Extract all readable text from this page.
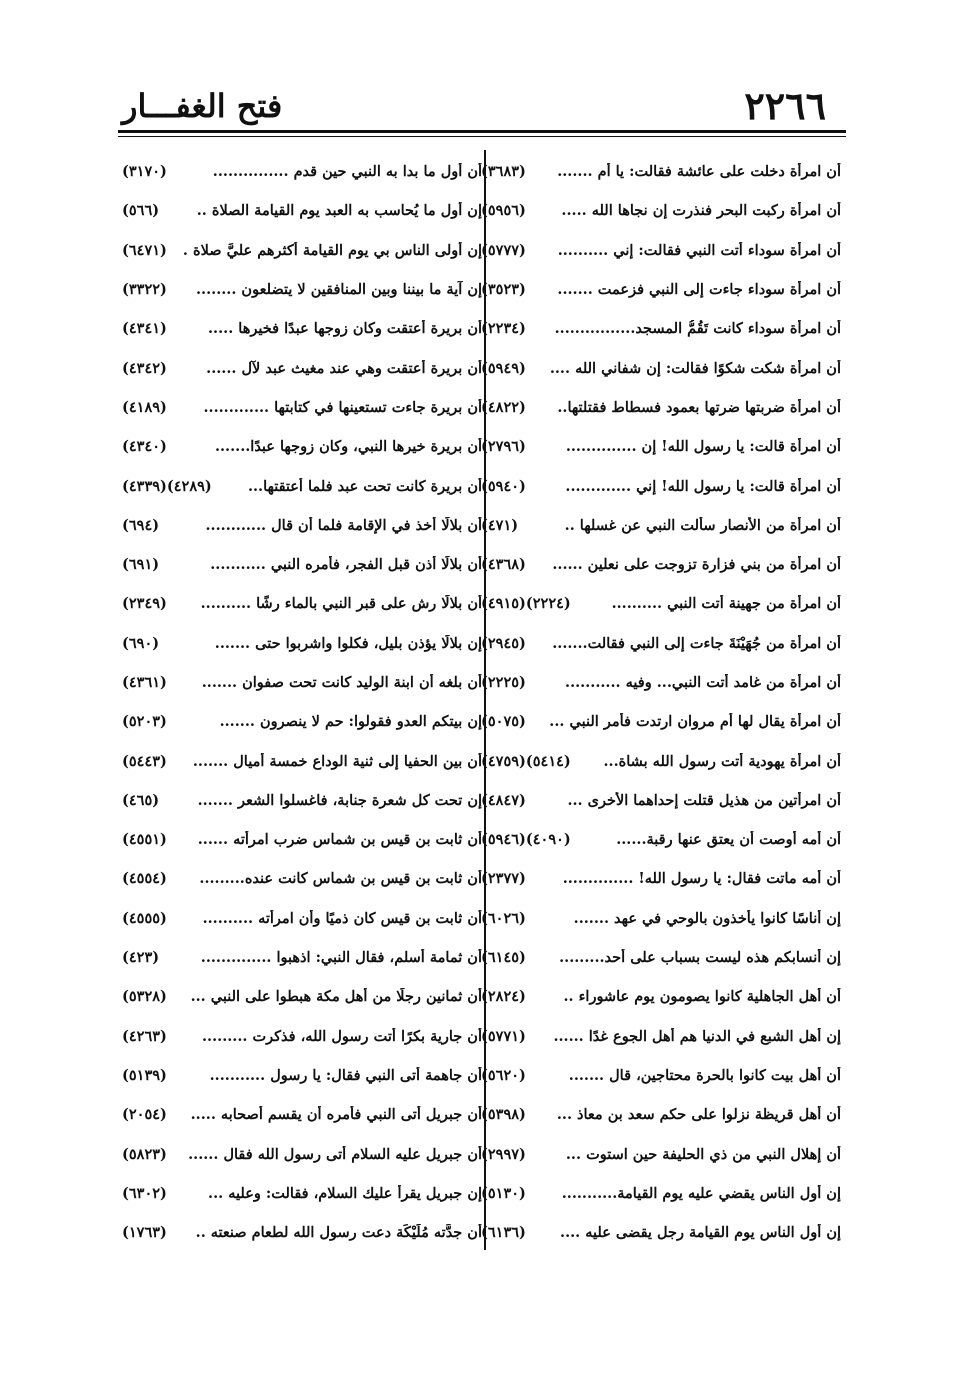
٢٢٦٦
فتح الغفـــار
أن امرأة دخلت على عائشة فقالت: يا أم .......
(٣٦٨٣)
أن امرأة ركبت البحر فنذرت إن نجاها الله .....
(٥٩٥٦)
أن امرأة سوداء أتت النبي فقالت: إني ..........
(٥٧٧٧)
أن امرأة سوداء جاءت إلى النبي فزعمت .......
(٣٥٢٣)
أن امرأة سوداء كانت تَقُمُّ المسجد................
(٢٢٣٤)
أن امرأة شكت شكوًا فقالت: إن شفاني الله ....
(٥٩٤٩)
أن امرأة ضربتها ضرتها بعمود فسطاط فقتلتها..
(٤٨٢٢)
أن امرأة قالت: يا رسول الله! إن ..............
(٢٧٩٦)
أن امرأة قالت: يا رسول الله! إني .............
(٥٩٤٠)
أن امرأة من الأنصار سألت النبي عن غسلها ..
(٤٧١)
أن امرأة من بني فزارة تزوجت على نعلين ......
(٤٣٦٨)
أن امرأة من جهينة أتت النبي ..........
(٢٢٢٤)(٤٩١٥)
أن امرأة من جُهَيْنَةَ جاءت إلى النبي فقالت.......
(٢٩٤٥)
أن امرأة من غامد أتت النبي... وفيه ...........
(٢٢٢٥)
أن امرأة يقال لها أم مروان ارتدت فأمر النبي ...
(٥٠٧٥)
أن امرأة يهودية أتت رسول الله بشاة...
(٥٤١٤)(٤٧٥٩)
أن امرأتين من هذيل قتلت إحداهما الأخرى ...
(٤٨٤٧)
أن أمه أوصت أن يعتق عنها رقبة......
(٤٠٩٠)(٥٩٤٦)
أن أمه ماتت فقال: يا رسول الله! ..............
(٢٣٧٧)
إن أناسًا كانوا يأخذون بالوحي في عهد .......
(٦٠٢٦)
إن أنسابكم هذه ليست بسباب على أحد.........
(٦١٤٥)
أن أهل الجاهلية كانوا يصومون يوم عاشوراء ..
(٢٨٢٤)
إن أهل الشبع في الدنيا هم أهل الجوع غدًا ......
(٥٧٧١)
أن أهل بيت كانوا بالحرة محتاجين، قال .......
(٥٦٢٠)
أن أهل قريظة نزلوا على حكم سعد بن معاذ ...
(٥٣٩٨)
أن إهلال النبي من ذي الحليفة حين استوت ...
(٢٩٩٧)
إن أول الناس يقضي عليه يوم القيامة...........
(٥١٣٠)
إن أول الناس يوم القيامة رجل يقضى عليه ....
(٦١٣٦)
أن أول ما بدا به النبي حين قدم ...............
(٣١٧٠)
إن أول ما يُحاسب به العبد يوم القيامة الصلاة ..
(٥٦٦)
إن أولى الناس بي يوم القيامة أكثرهم عليَّ صلاة .
(٦٤٧١)
إن آية ما بيننا وبين المنافقين لا يتضلعون ........
(٣٣٢٢)
أن بريرة أعتقت وكان زوجها عبدًا فخيرها .....
(٤٣٤١)
أن بريرة أعتقت وهي عند مغيث عبد لآل ......
(٤٣٤٢)
أن بريرة جاءت تستعينها في كتابتها .............
(٤١٨٩)
أن بريرة خيرها النبي، وكان زوجها عبدًا.......
(٤٣٤٠)
أن بريرة كانت تحت عبد فلما أعتقتها...
(٤٢٨٩)(٤٣٣٩)
أن بلالًا أخذ في الإقامة فلما أن قال ............
(٦٩٤)
أن بلالًا أذن قبل الفجر، فأمره النبي ...........
(٦٩١)
أن بلالًا رش على قبر النبي بالماء رشًا ..........
(٢٣٤٩)
إن بلالًا يؤذن بليل، فكلوا واشربوا حتى .......
(٦٩٠)
أن بلغه أن ابنة الوليد كانت تحت صفوان .......
(٤٣٦١)
إن بيتكم العدو فقولوا: حم لا ينصرون .......
(٥٢٠٣)
أن بين الحفيا إلى ثنية الوداع خمسة أميال .......
(٥٤٤٣)
إن تحت كل شعرة جنابة، فاغسلوا الشعر .......
(٤٦٥)
أن ثابت بن قيس بن شماس ضرب امرأته ......
(٤٥٥١)
أن ثابت بن قيس بن شماس كانت عنده.........
(٤٥٥٤)
أن ثابت بن قيس كان ذميًا وأن امرأته ..........
(٤٥٥٥)
أن ثمامة أسلم، فقال النبي: اذهبوا ..............
(٤٢٣)
أن ثمانين رجلًا من أهل مكة هبطوا على النبي ...
(٥٣٢٨)
أن جارية بكرًا أتت رسول الله، فذكرت .........
(٤٢٦٣)
أن جاهمة أتى النبي فقال: يا رسول ...........
(٥١٣٩)
أن جبريل أتى النبي فأمره أن يقسم أصحابه .....
(٢٠٥٤)
أن جبريل عليه السلام أتى رسول الله فقال ......
(٥٨٢٣)
إن جبريل يقرأ عليك السلام، فقالت: وعليه ...
(٦٣٠٢)
أن جدَّته مُلَيْكَة دعت رسول الله لطعام صنعته ..
(١٧٦٣)
